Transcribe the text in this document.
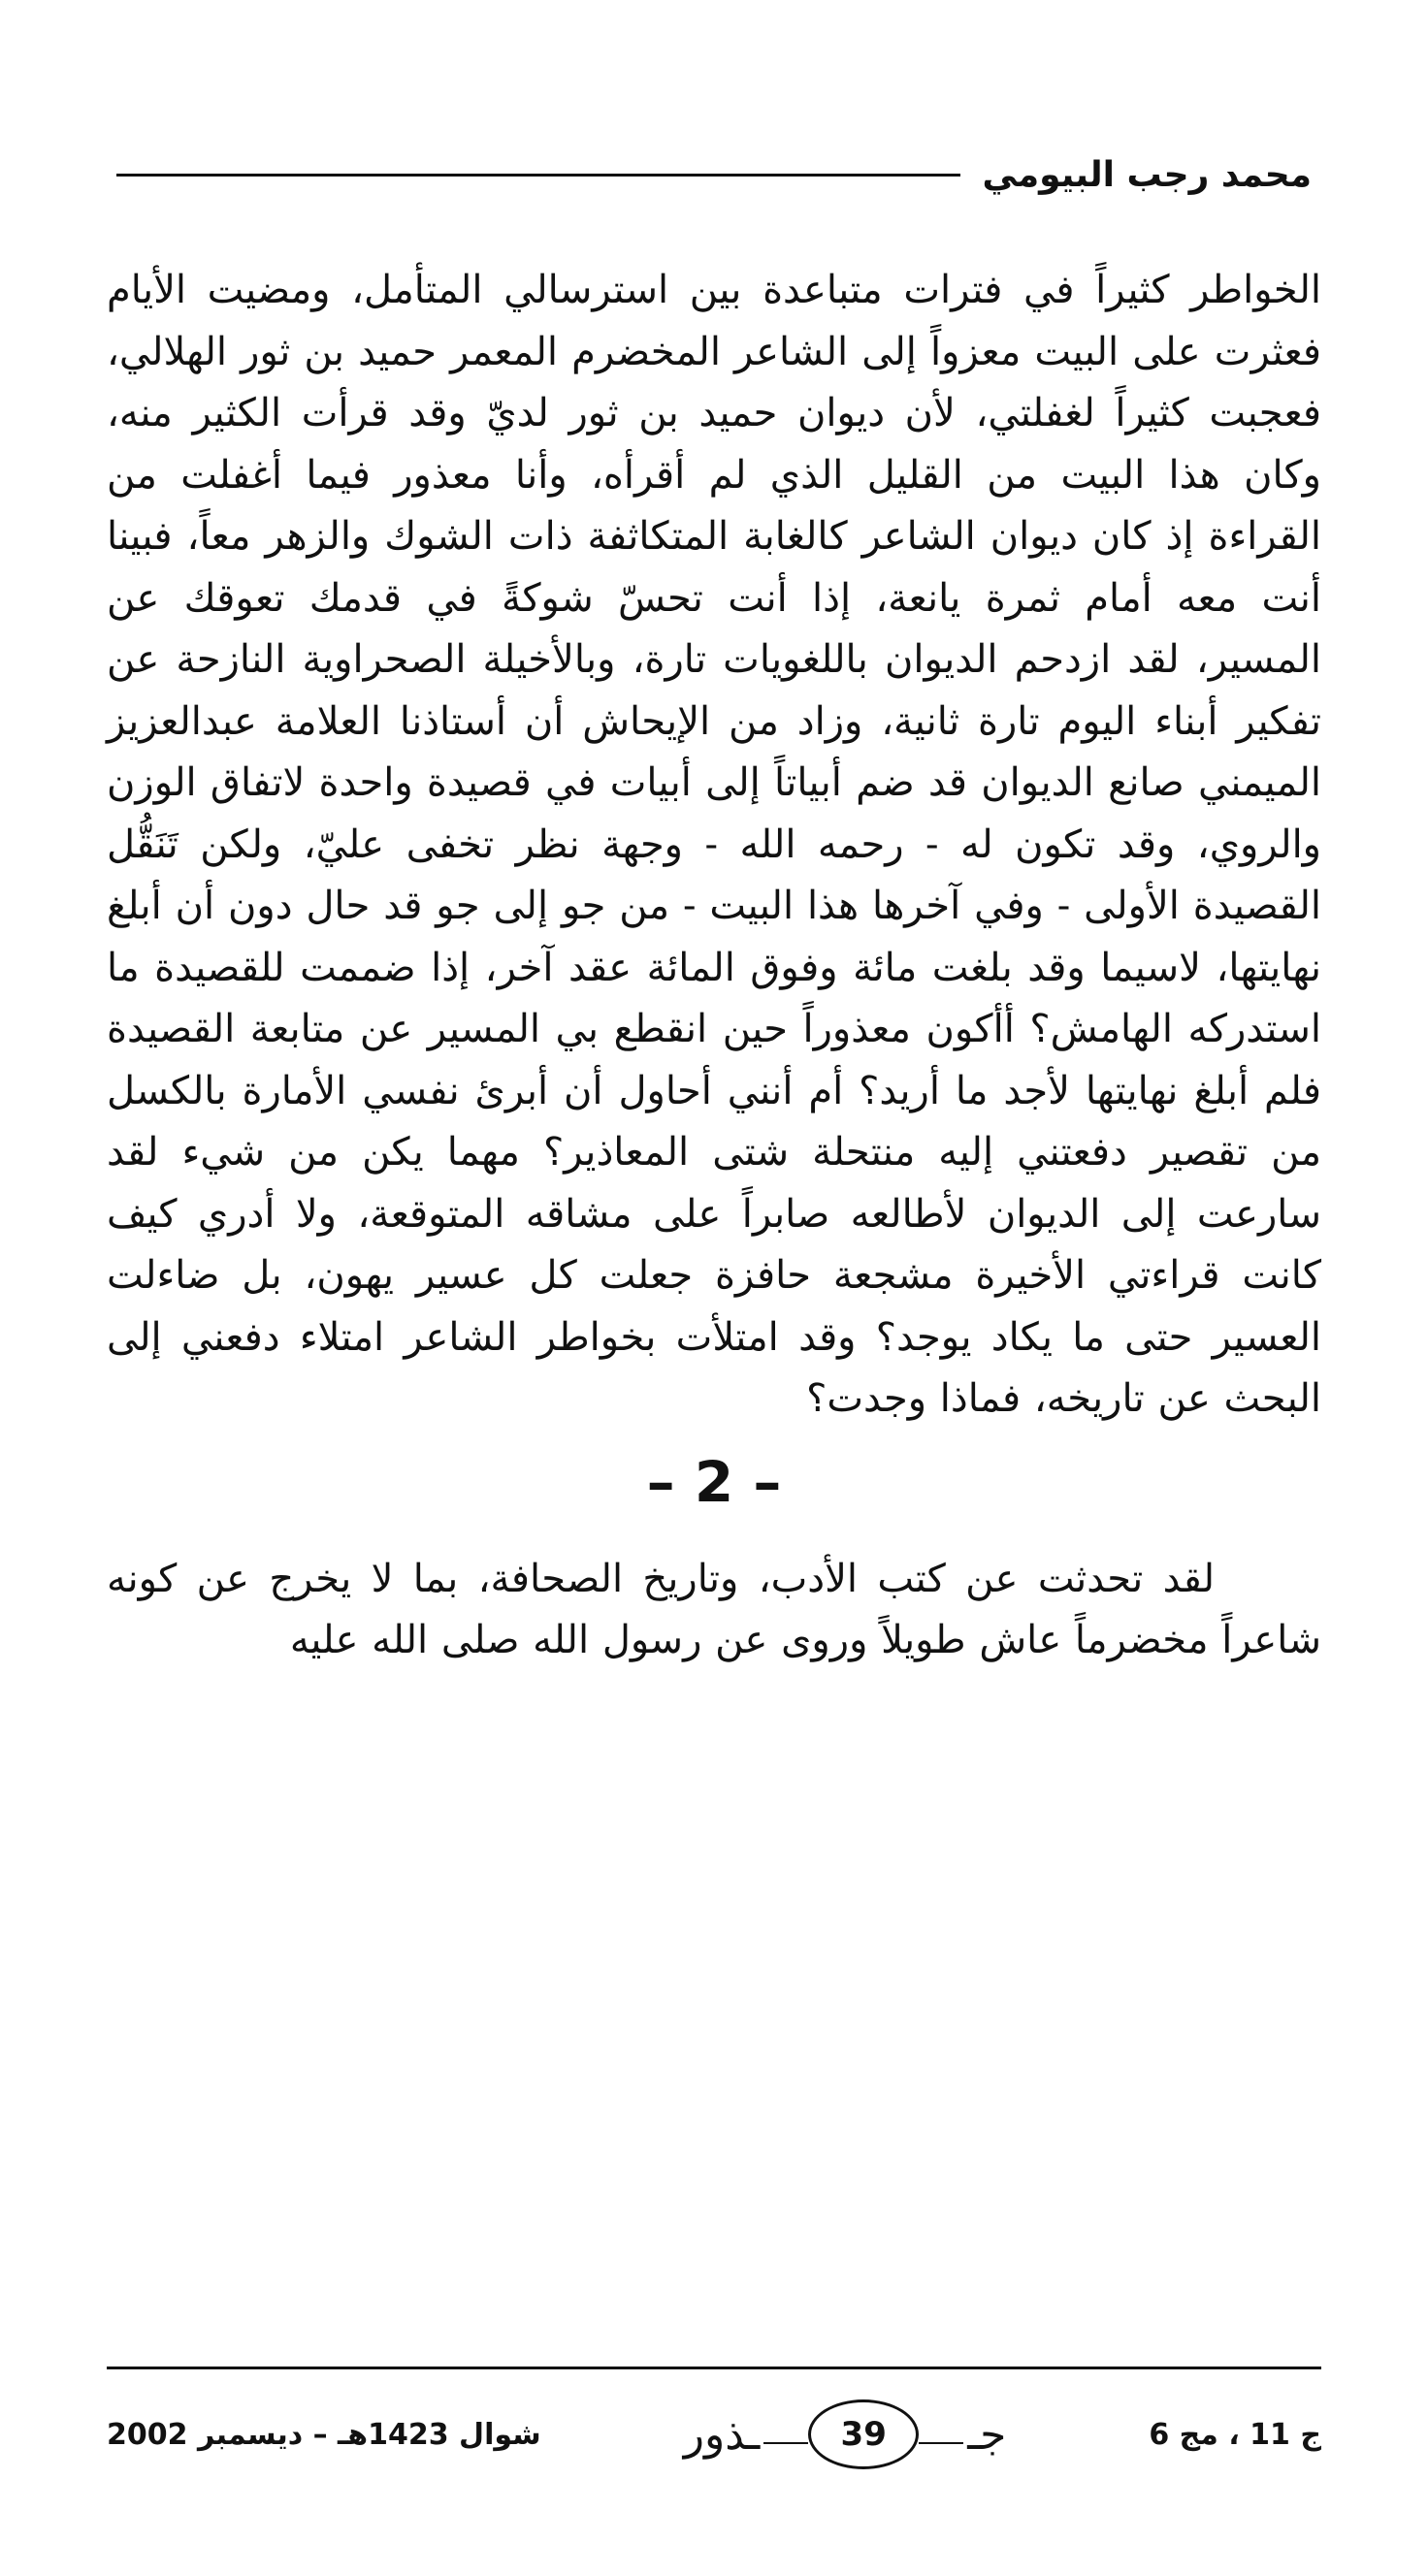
محمد رجب البيومي

الخواطر كثيراً في فترات متباعدة بين استرسالي المتأمل، ومضيت الأيام فعثرت على البيت معزواً إلى الشاعر المخضرم المعمر حميد بن ثور الهلالي، فعجبت كثيراً لغفلتي، لأن ديوان حميد بن ثور لديّ وقد قرأت الكثير منه، وكان هذا البيت من القليل الذي لم أقرأه، وأنا معذور فيما أغفلت من القراءة إذ كان ديوان الشاعر كالغابة المتكاثفة ذات الشوك والزهر معاً، فبينا أنت معه أمام ثمرة يانعة، إذا أنت تحسّ شوكةً في قدمك تعوقك عن المسير، لقد ازدحم الديوان باللغويات تارة، وبالأخيلة الصحراوية النازحة عن تفكير أبناء اليوم تارة ثانية، وزاد من الإيحاش أن أستاذنا العلامة عبدالعزيز الميمني صانع الديوان قد ضم أبياتاً إلى أبيات في قصيدة واحدة لاتفاق الوزن والروي، وقد تكون له - رحمه الله - وجهة نظر تخفى عليّ، ولكن تَنَقُّل القصيدة الأولى - وفي آخرها هذا البيت - من جو إلى جو قد حال دون أن أبلغ نهايتها، لاسيما وقد بلغت مائة وفوق المائة عقد آخر، إذا ضممت للقصيدة ما استدركه الهامش؟ أأكون معذوراً حين انقطع بي المسير عن متابعة القصيدة فلم أبلغ نهايتها لأجد ما أريد؟ أم أنني أحاول أن أبرئ نفسي الأمارة بالكسل من تقصير دفعتني إليه منتحلة شتى المعاذير؟ مهما يكن من شيء لقد سارعت إلى الديوان لأطالعه صابراً على مشاقه المتوقعة، ولا أدري كيف كانت قراءتي الأخيرة مشجعة حافزة جعلت كل عسير يهون، بل ضاءلت العسير حتى ما يكاد يوجد؟ وقد امتلأت بخواطر الشاعر امتلاء دفعني إلى البحث عن تاريخه، فماذا وجدت؟

– 2 –

لقد تحدثت عن كتب الأدب، وتاريخ الصحافة، بما لا يخرج عن كونه شاعراً مخضرماً عاش طويلاً وروى عن رسول الله صلى الله عليه

ج 11 ، مج 6
جـ
39
ـذور
شوال 1423هـ – ديسمبر 2002
